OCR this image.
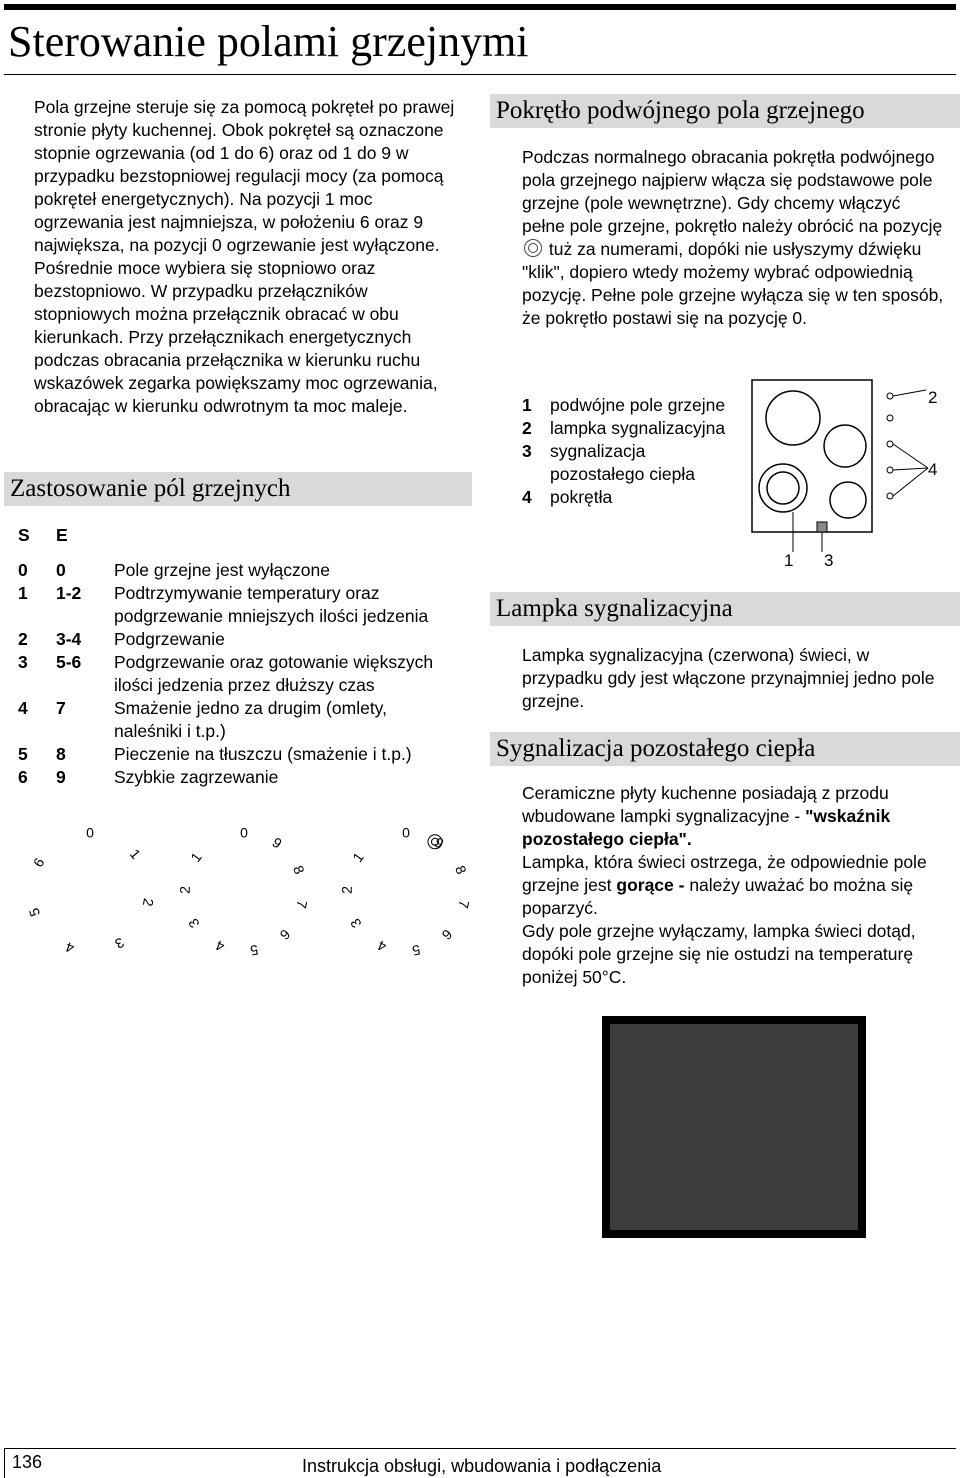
Sterowanie polami grzejnymi

Pola grzejne steruje się za pomocą pokręteł po prawej stronie płyty kuchennej. Obok pokręteł są oznaczone stopnie ogrzewania (od 1 do 6) oraz od 1 do 9 w przypadku bezstopniowej regulacji mocy (za pomocą pokręteł energetycznych). Na pozycji 1 moc ogrzewania jest najmniejsza, w położeniu 6 oraz 9 największa, na pozycji 0 ogrzewanie jest wyłączone. Pośrednie moce wybiera się stopniowo oraz bezstopniowo. W przypadku przełączników stopniowych można przełącznik obracać w obu kierunkach. Przy przełącznikach energetycznych podczas obracania przełącznika w kierunku ruchu wskazówek zegarka powiększamy moc ogrzewania, obracając w kierunku odwrotnym ta moc maleje.

Zastosowanie pól grzejnych
S	E
0	0	Pole grzejne jest wyłączone
1	1-2	Podtrzymywanie temperatury oraz podgrzewanie mniejszych ilości jedzenia
2	3-4	Podgrzewanie
3	5-6	Podgrzewanie oraz gotowanie większych ilości jedzenia przez dłuższy czas
4	7	Smażenie jedno za drugim (omlety, naleśniki i t.p.)
5	8	Pieczenie na tłuszczu (smażenie i t.p.)
6	9	Szybkie zagrzewanie
0
1
2
3
4
5
6
0
9
8
7
6
5
4
3
2
1
0
9
8
7
6
5
4
3
2
1
Pokrętło podwójnego pola grzejnego

Podczas normalnego obracania pokrętła podwójnego pola grzejnego najpierw włącza się podstawowe pole grzejne (pole wewnętrzne). Gdy chcemy włączyć pełne pole grzejne, pokrętło należy obrócić na pozycję  tuż za numerami, dopóki nie usłyszymy dźwięku "klik", dopiero wtedy możemy wybrać odpowiednią pozycję. Pełne pole grzejne wyłącza się w ten sposób, że pokrętło postawi się na pozycję 0.

1	podwójne pole grzejne
2	lampka sygnalizacyjna
3	sygnalizacja pozostałego ciepła
4	pokrętła
2
4
1 3
Lampka sygnalizacyjna

Lampka sygnalizacyjna (czerwona) świeci, w przypadku gdy jest włączone przynajmniej jedno pole grzejne.

Sygnalizacja pozostałego ciepła

Ceramiczne płyty kuchenne posiadają z przodu wbudowane lampki sygnalizacyjne - "wskaźnik pozostałego ciepła".

Lampka, która świeci ostrzega, że odpowiednie pole grzejne jest gorące - należy uważać bo można się poparzyć.

Gdy pole grzejne wyłączamy, lampka świeci dotąd, dopóki pole grzejne się nie ostudzi na temperaturę poniżej 50°C.

136	Instrukcja obsługi, wbudowania i podłączenia
